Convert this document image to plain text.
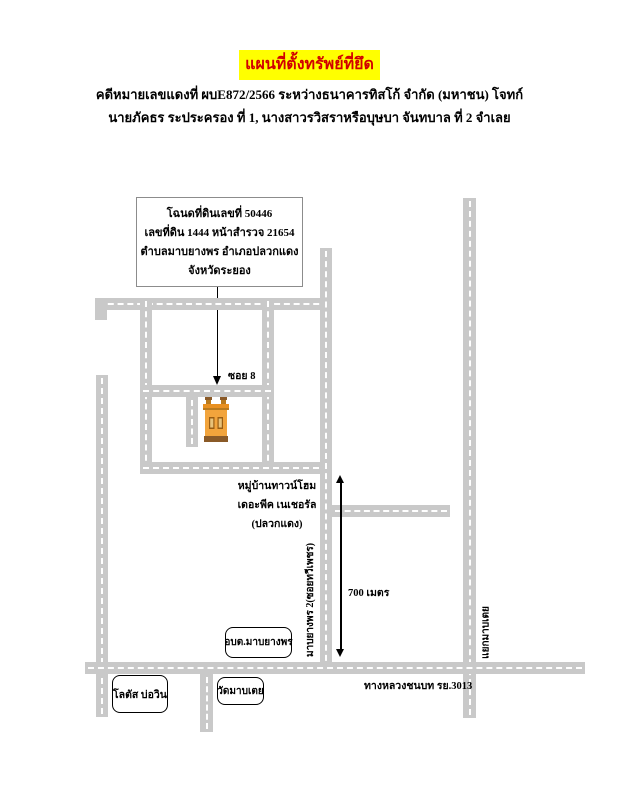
แผนที่ตั้งทรัพย์ที่ยึด
คดีหมายเลขแดงที่ ผบE872/2566 ระหว่างธนาคารทิสโก้ จำกัด (มหาชน) โจทก์
นายภัคธร ระประครอง ที่ 1, นางสาวรวิสราหรือบุษบา จันทบาล ที่ 2 จำเลย
โฉนดที่ดินเลขที่ 50446
เลขที่ดิน 1444 หน้าสำรวจ 21654
ตำบลมาบยางพร อำเภอปลวกแดง
จังหวัดระยอง
ซอย 8
หมู่บ้านทาวน์โฮม
เดอะพีค เนเชอรัล
(ปลวกแดง)
มาบยางพร 2(ซอยทวีเพชร)	แยกมาบเตย
700 เมตร
อบต.มาบยางพร
โลตัส บ่อวิน	วัดมาบเตย	ทางหลวงชนบท รย.3013
